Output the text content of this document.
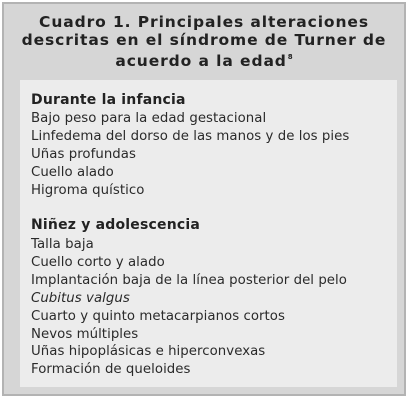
Cuadro 1. Principales alteraciones
descritas en el síndrome de Turner de
acuerdo a la edad$^8$
Durante la infancia
Bajo peso para la edad gestacional
Linfedema del dorso de las manos y de los pies
Uñas profundas
Cuello alado
Higroma quístico
Niñez y adolescencia
Talla baja
Cuello corto y alado
Implantación baja de la línea posterior del pelo
Cubitus valgus
Cuarto y quinto metacarpianos cortos
Nevos múltiples
Uñas hipoplásicas e hiperconvexas
Formación de queloides
